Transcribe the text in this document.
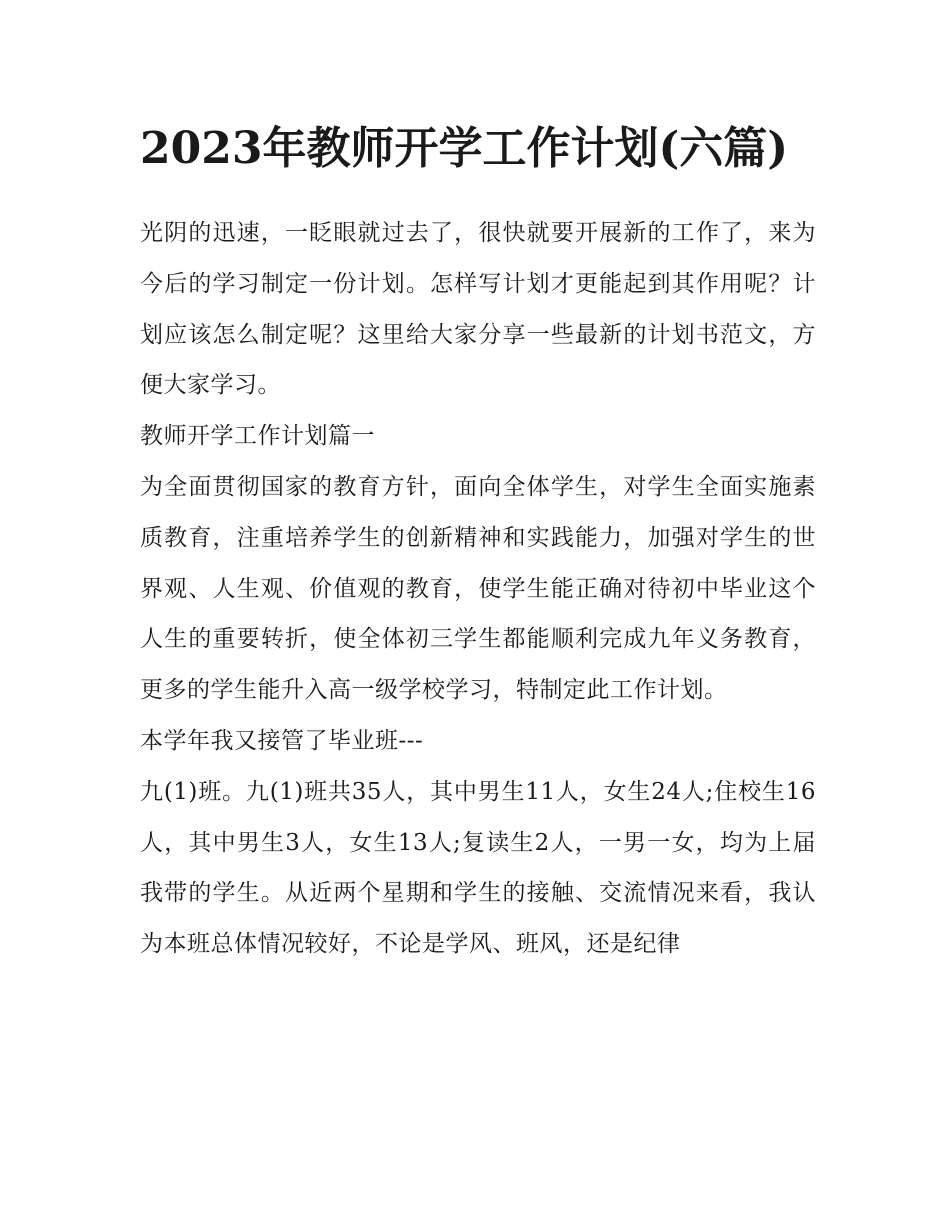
2023年教师开学工作计划(六篇)

光阴的迅速，一眨眼就过去了，很快就要开展新的工作了，来为今后的学习制定一份计划。怎样写计划才更能起到其作用呢？计划应该怎么制定呢？这里给大家分享一些最新的计划书范文，方便大家学习。

教师开学工作计划篇一

为全面贯彻国家的教育方针，面向全体学生，对学生全面实施素质教育，注重培养学生的创新精神和实践能力，加强对学生的世界观、人生观、价值观的教育，使学生能正确对待初中毕业这个人生的重要转折，使全体初三学生都能顺利完成九年义务教育，更多的学生能升入高一级学校学习，特制定此工作计划。

本学年我又接管了毕业班---

九(1)班。九(1)班共35人，其中男生11人，女生24人;住校生16人，其中男生3人，女生13人;复读生2人，一男一女，均为上届我带的学生。从近两个星期和学生的接触、交流情况来看，我认为本班总体情况较好，不论是学风、班风，还是纪律
